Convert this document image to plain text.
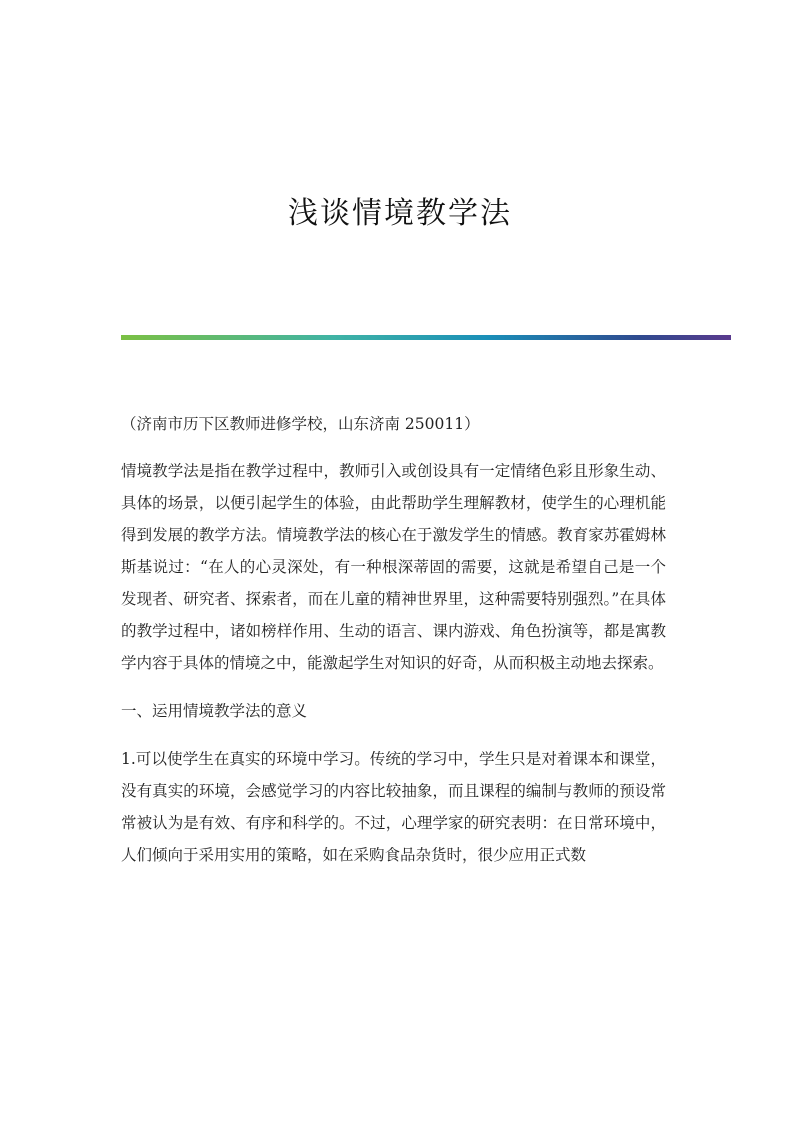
浅谈情境教学法

（济南市历下区教师进修学校，山东济南 250011）

情境教学法是指在教学过程中，教师引入或创设具有一定情绪色彩且形象生动、具体的场景，以便引起学生的体验，由此帮助学生理解教材，使学生的心理机能得到发展的教学方法。情境教学法的核心在于激发学生的情感。教育家苏霍姆林斯基说过：“在人的心灵深处，有一种根深蒂固的需要，这就是希望自己是一个发现者、研究者、探索者，而在儿童的精神世界里，这种需要特别强烈。”在具体的教学过程中，诸如榜样作用、生动的语言、课内游戏、角色扮演等，都是寓教学内容于具体的情境之中，能激起学生对知识的好奇，从而积极主动地去探索。

一、运用情境教学法的意义

1.可以使学生在真实的环境中学习。传统的学习中，学生只是对着课本和课堂，没有真实的环境，会感觉学习的内容比较抽象，而且课程的编制与教师的预设常常被认为是有效、有序和科学的。不过，心理学家的研究表明：在日常环境中，人们倾向于采用实用的策略，如在采购食品杂货时，很少应用正式数
